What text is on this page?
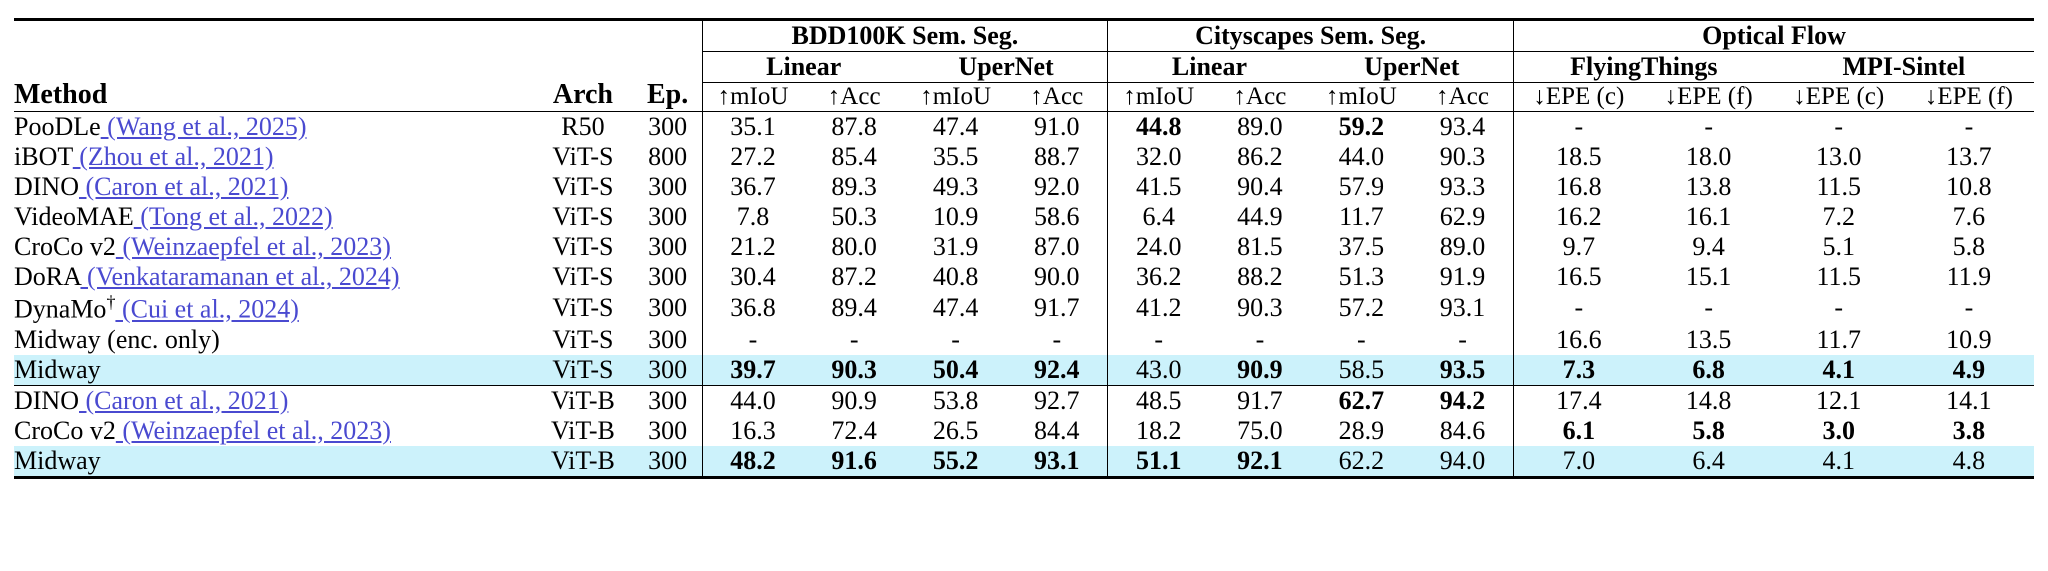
Method	Arch	Ep.	BDD100K Sem. Seg.				Cityscapes Sem. Seg.				Optical Flow			
			Linear		UperNet		Linear		UperNet		FlyingThings		MPI-Sintel	
			↑mIoU	↑Acc	↑mIoU	↑Acc	↑mIoU	↑Acc	↑mIoU	↑Acc	↓EPE (c)	↓EPE (f)	↓EPE (c)	↓EPE (f)

PooDLe (Wang et al., 2025)	R50	300	35.1	87.8	47.4	91.0	44.8	89.0	59.2	93.4	-	-	-	-
iBOT (Zhou et al., 2021)	ViT-S	800	27.2	85.4	35.5	88.7	32.0	86.2	44.0	90.3	18.5	18.0	13.0	13.7
DINO (Caron et al., 2021)	ViT-S	300	36.7	89.3	49.3	92.0	41.5	90.4	57.9	93.3	16.8	13.8	11.5	10.8
VideoMAE (Tong et al., 2022)	ViT-S	300	7.8	50.3	10.9	58.6	6.4	44.9	11.7	62.9	16.2	16.1	7.2	7.6
CroCo v2 (Weinzaepfel et al., 2023)	ViT-S	300	21.2	80.0	31.9	87.0	24.0	81.5	37.5	89.0	9.7	9.4	5.1	5.8
DoRA (Venkataramanan et al., 2024)	ViT-S	300	30.4	87.2	40.8	90.0	36.2	88.2	51.3	91.9	16.5	15.1	11.5	11.9
DynaMo† (Cui et al., 2024)	ViT-S	300	36.8	89.4	47.4	91.7	41.2	90.3	57.2	93.1	-	-	-	-
Midway (enc. only)	ViT-S	300	-	-	-	-	-	-	-	-	16.6	13.5	11.7	10.9
Midway	ViT-S	300	39.7	90.3	50.4	92.4	43.0	90.9	58.5	93.5	7.3	6.8	4.1	4.9

DINO (Caron et al., 2021)	ViT-B	300	44.0	90.9	53.8	92.7	48.5	91.7	62.7	94.2	17.4	14.8	12.1	14.1
CroCo v2 (Weinzaepfel et al., 2023)	ViT-B	300	16.3	72.4	26.5	84.4	18.2	75.0	28.9	84.6	6.1	5.8	3.0	3.8
Midway	ViT-B	300	48.2	91.6	55.2	93.1	51.1	92.1	62.2	94.0	7.0	6.4	4.1	4.8
